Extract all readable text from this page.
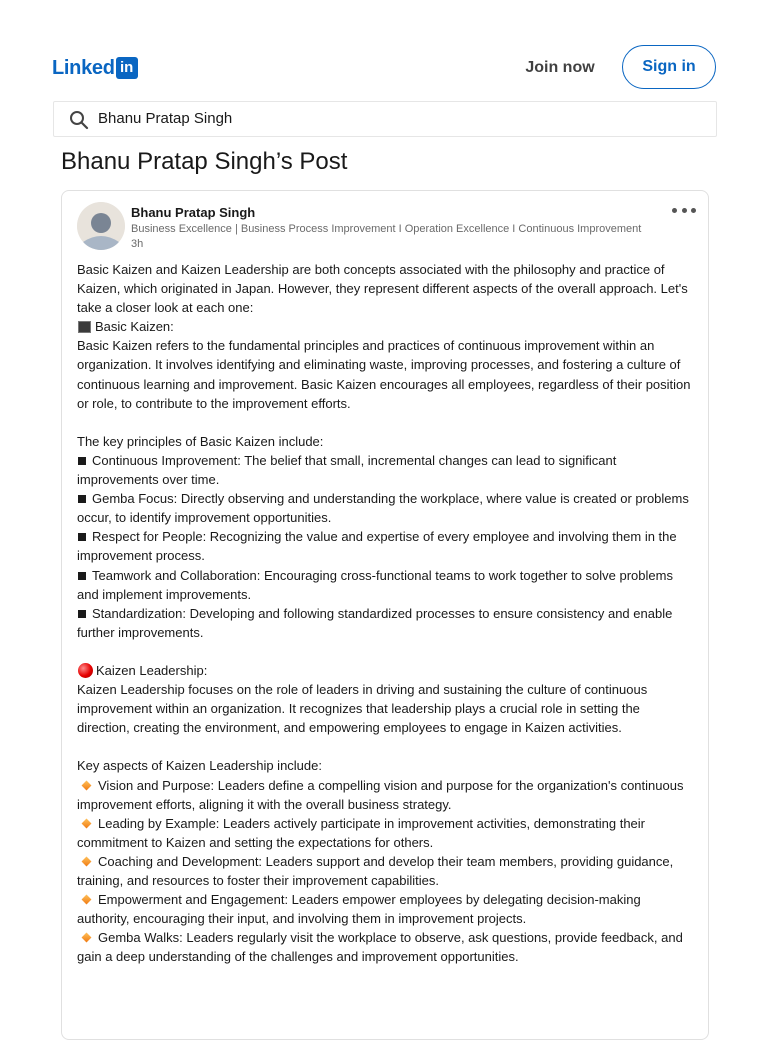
Linked in	Join now	Sign in
Bhanu Pratap Singh
Bhanu Pratap Singh’s Post
Bhanu Pratap Singh
Business Excellence | Business Process Improvement I Operation Excellence I Continuous Improvement
3h

Basic Kaizen and Kaizen Leadership are both concepts associated with the philosophy and practice of Kaizen, which originated in Japan. However, they represent different aspects of the overall approach. Let's take a closer look at each one:

Basic Kaizen:

Basic Kaizen refers to the fundamental principles and practices of continuous improvement within an organization. It involves identifying and eliminating waste, improving processes, and fostering a culture of continuous learning and improvement. Basic Kaizen encourages all employees, regardless of their position or role, to contribute to the improvement efforts.

The key principles of Basic Kaizen include:

Continuous Improvement: The belief that small, incremental changes can lead to significant improvements over time.

Gemba Focus: Directly observing and understanding the workplace, where value is created or problems occur, to identify improvement opportunities.

Respect for People: Recognizing the value and expertise of every employee and involving them in the improvement process.

Teamwork and Collaboration: Encouraging cross-functional teams to work together to solve problems and implement improvements.

Standardization: Developing and following standardized processes to ensure consistency and enable further improvements.

Kaizen Leadership:

Kaizen Leadership focuses on the role of leaders in driving and sustaining the culture of continuous improvement within an organization. It recognizes that leadership plays a crucial role in setting the direction, creating the environment, and empowering employees to engage in Kaizen activities.

Key aspects of Kaizen Leadership include:

Vision and Purpose: Leaders define a compelling vision and purpose for the organization's continuous improvement efforts, aligning it with the overall business strategy.

Leading by Example: Leaders actively participate in improvement activities, demonstrating their commitment to Kaizen and setting the expectations for others.

Coaching and Development: Leaders support and develop their team members, providing guidance, training, and resources to foster their improvement capabilities.

Empowerment and Engagement: Leaders empower employees by delegating decision-making authority, encouraging their input, and involving them in improvement projects.

Gemba Walks: Leaders regularly visit the workplace to observe, ask questions, provide feedback, and gain a deep understanding of the challenges and improvement opportunities.
